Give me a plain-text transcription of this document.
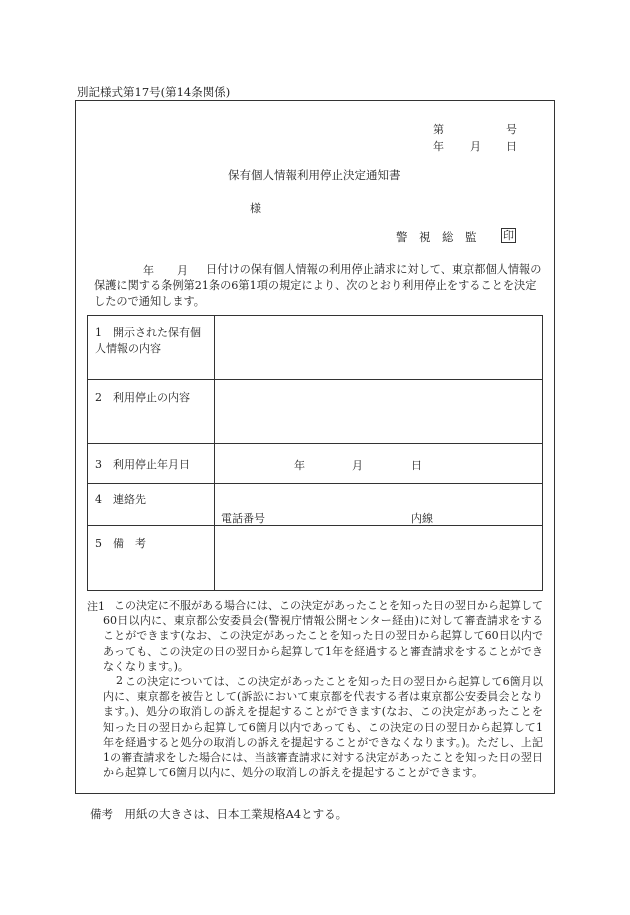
別記様式第17号(第14条関係)
第	号
年 月 日
保有個人情報利用停止決定通知書
様
警　視　総　監 印
年 月	日付けの保有個人情報の利用停止請求に対して、東京都個人情報の保護に関する条例第21条の6第1項の規定により、次のとおり利用停止をすることを決定したので通知します。
1　開示された保有個人情報の内容	

2　利用停止の内容	

3　利用停止年月日	年 月 日

4　連絡先	電話番号 内線

5　備　考	

注1 この決定に不服がある場合には、この決定があったことを知った日の翌日から起算して60日以内に、東京都公安委員会(警視庁情報公開センター経由)に対して審査請求をすることができます(なお、この決定があったことを知った日の翌日から起算して60日以内であっても、この決定の日の翌日から起算して1年を経過すると審査請求をすることができなくなります。)。
2 この決定については、この決定があったことを知った日の翌日から起算して6箇月以内に、東京都を被告として(訴訟において東京都を代表する者は東京都公安委員会となります。)、処分の取消しの訴えを提起することができます(なお、この決定があったことを知った日の翌日から起算して6箇月以内であっても、この決定の日の翌日から起算して1年を経過すると処分の取消しの訴えを提起することができなくなります。)。ただし、上記1の審査請求をした場合には、当該審査請求に対する決定があったことを知った日の翌日から起算して6箇月以内に、処分の取消しの訴えを提起することができます。
備考　用紙の大きさは、日本工業規格A4とする。
